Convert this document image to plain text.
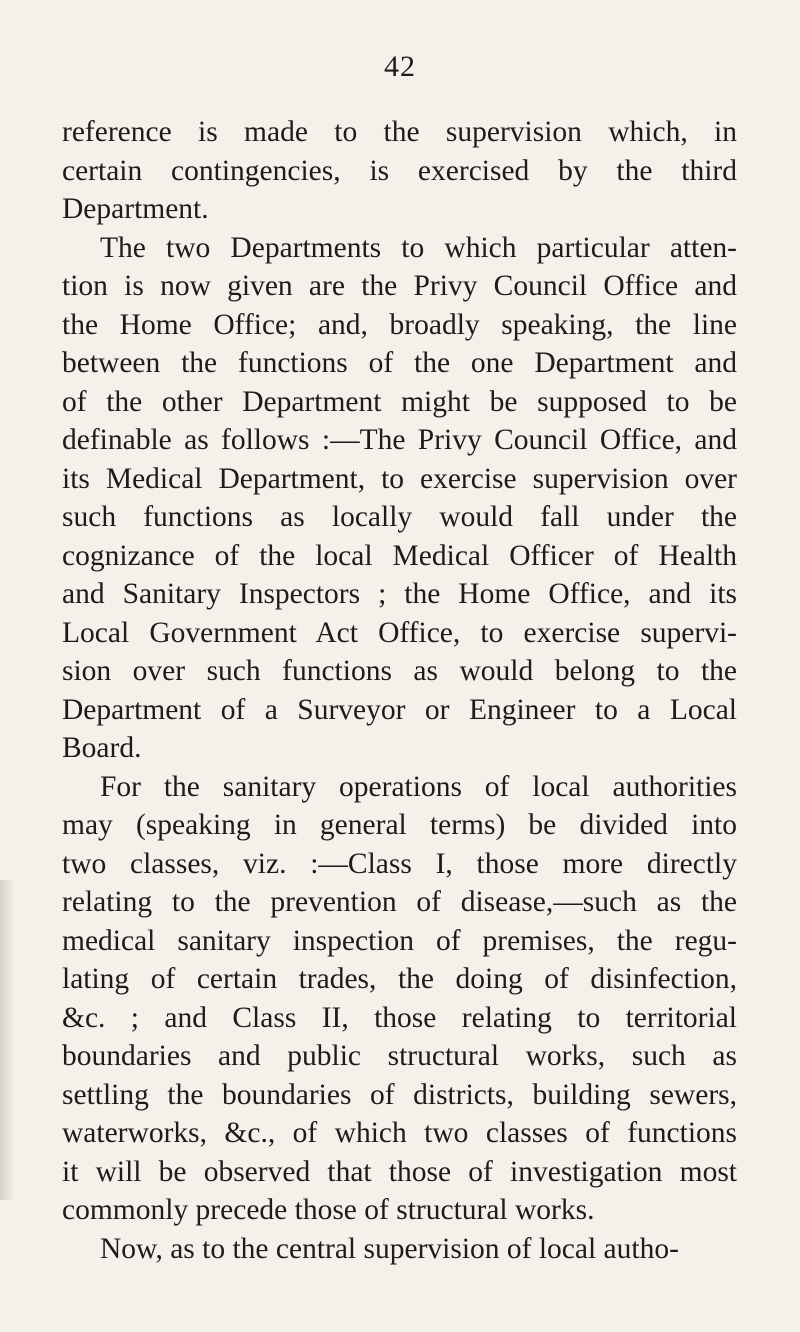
42
reference is made to the supervision which, in
certain contingencies, is exercised by the third
Department.
The two Departments to which particular atten-
tion is now given are the Privy Council Office and
the Home Office; and, broadly speaking, the line
between the functions of the one Department and
of the other Department might be supposed to be
definable as follows :—The Privy Council Office, and
its Medical Department, to exercise supervision over
such functions as locally would fall under the
cognizance of the local Medical Officer of Health
and Sanitary Inspectors ; the Home Office, and its
Local Government Act Office, to exercise supervi-
sion over such functions as would belong to the
Department of a Surveyor or Engineer to a Local
Board.
For the sanitary operations of local authorities
may (speaking in general terms) be divided into
two classes, viz. :—Class I, those more directly
relating to the prevention of disease,—such as the
medical sanitary inspection of premises, the regu-
lating of certain trades, the doing of disinfection,
&c. ; and Class II, those relating to territorial
boundaries and public structural works, such as
settling the boundaries of districts, building sewers,
waterworks, &c., of which two classes of functions
it will be observed that those of investigation most
commonly precede those of structural works.
Now, as to the central supervision of local autho-
